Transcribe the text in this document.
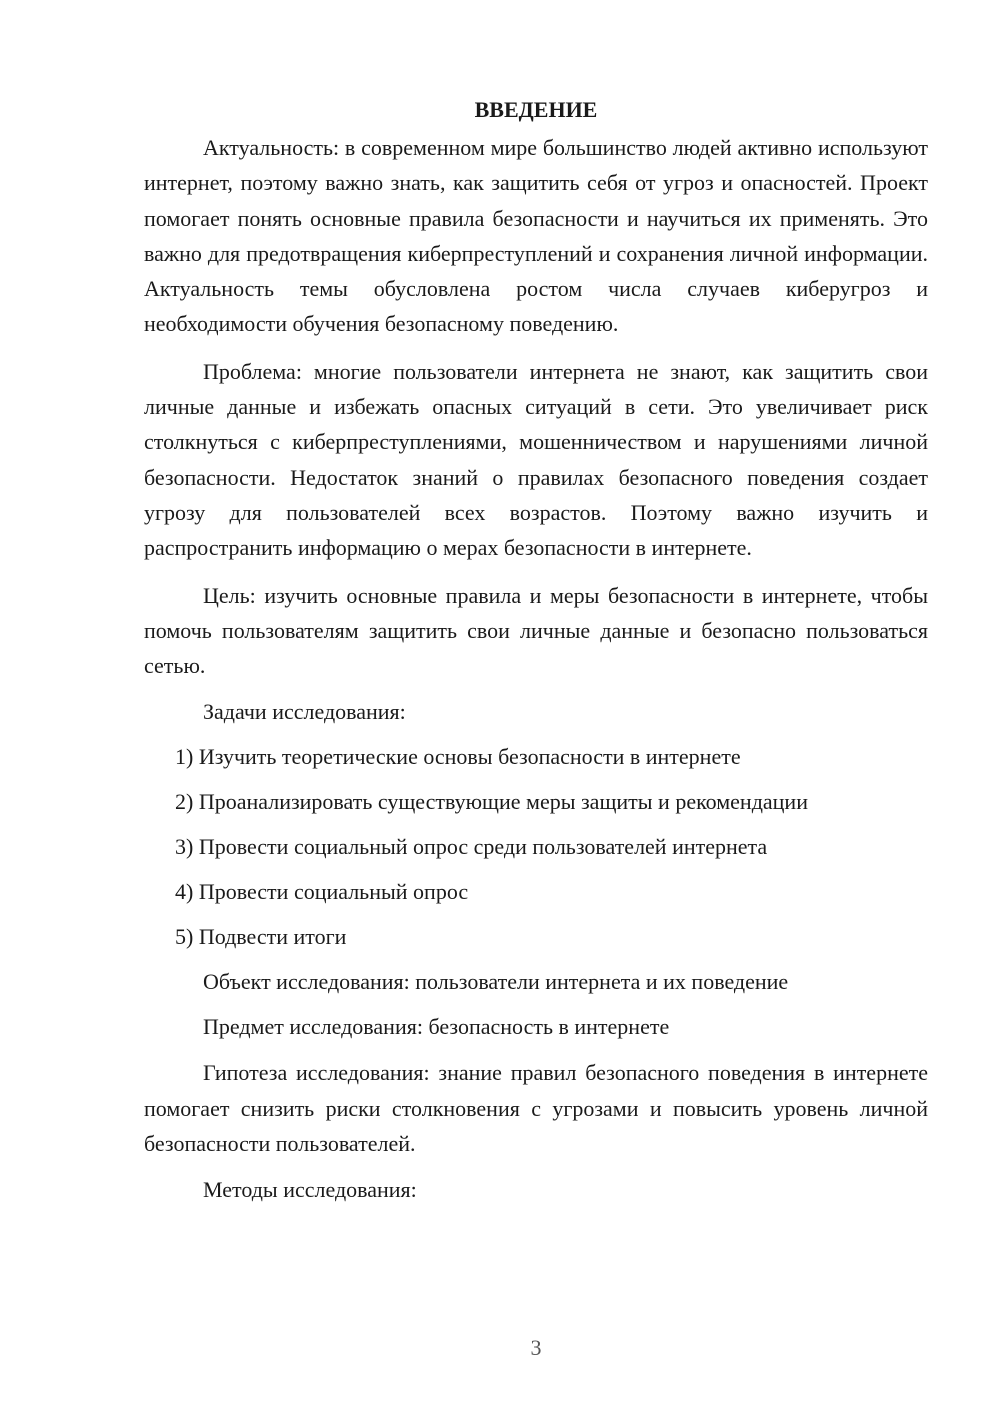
ВВЕДЕНИЕ

Актуальность: в современном мире большинство людей активно используют интернет, поэтому важно знать, как защитить себя от угроз и опасностей. Проект помогает понять основные правила безопасности и научиться их применять. Это важно для предотвращения киберпреступлений и сохранения личной информации. Актуальность темы обусловлена ростом числа случаев киберугроз и необходимости обучения безопасному поведению.

Проблема: многие пользователи интернета не знают, как защитить свои личные данные и избежать опасных ситуаций в сети. Это увеличивает риск столкнуться с киберпреступлениями, мошенничеством и нарушениями личной безопасности. Недостаток знаний о правилах безопасного поведения создает угрозу для пользователей всех возрастов. Поэтому важно изучить и распространить информацию о мерах безопасности в интернете.

Цель: изучить основные правила и меры безопасности в интернете, чтобы помочь пользователям защитить свои личные данные и безопасно пользоваться сетью.

Задачи исследования:
1) Изучить теоретические основы безопасности в интернете
2) Проанализировать существующие меры защиты и рекомендации
3) Провести социальный опрос среди пользователей интернета
4) Провести социальный опрос
5) Подвести итоги
Объект исследования: пользователи интернета и их поведение
Предмет исследования: безопасность в интернете

Гипотеза исследования: знание правил безопасного поведения в интернете помогает снизить риски столкновения с угрозами и повысить уровень личной безопасности пользователей.

Методы исследования:
3
